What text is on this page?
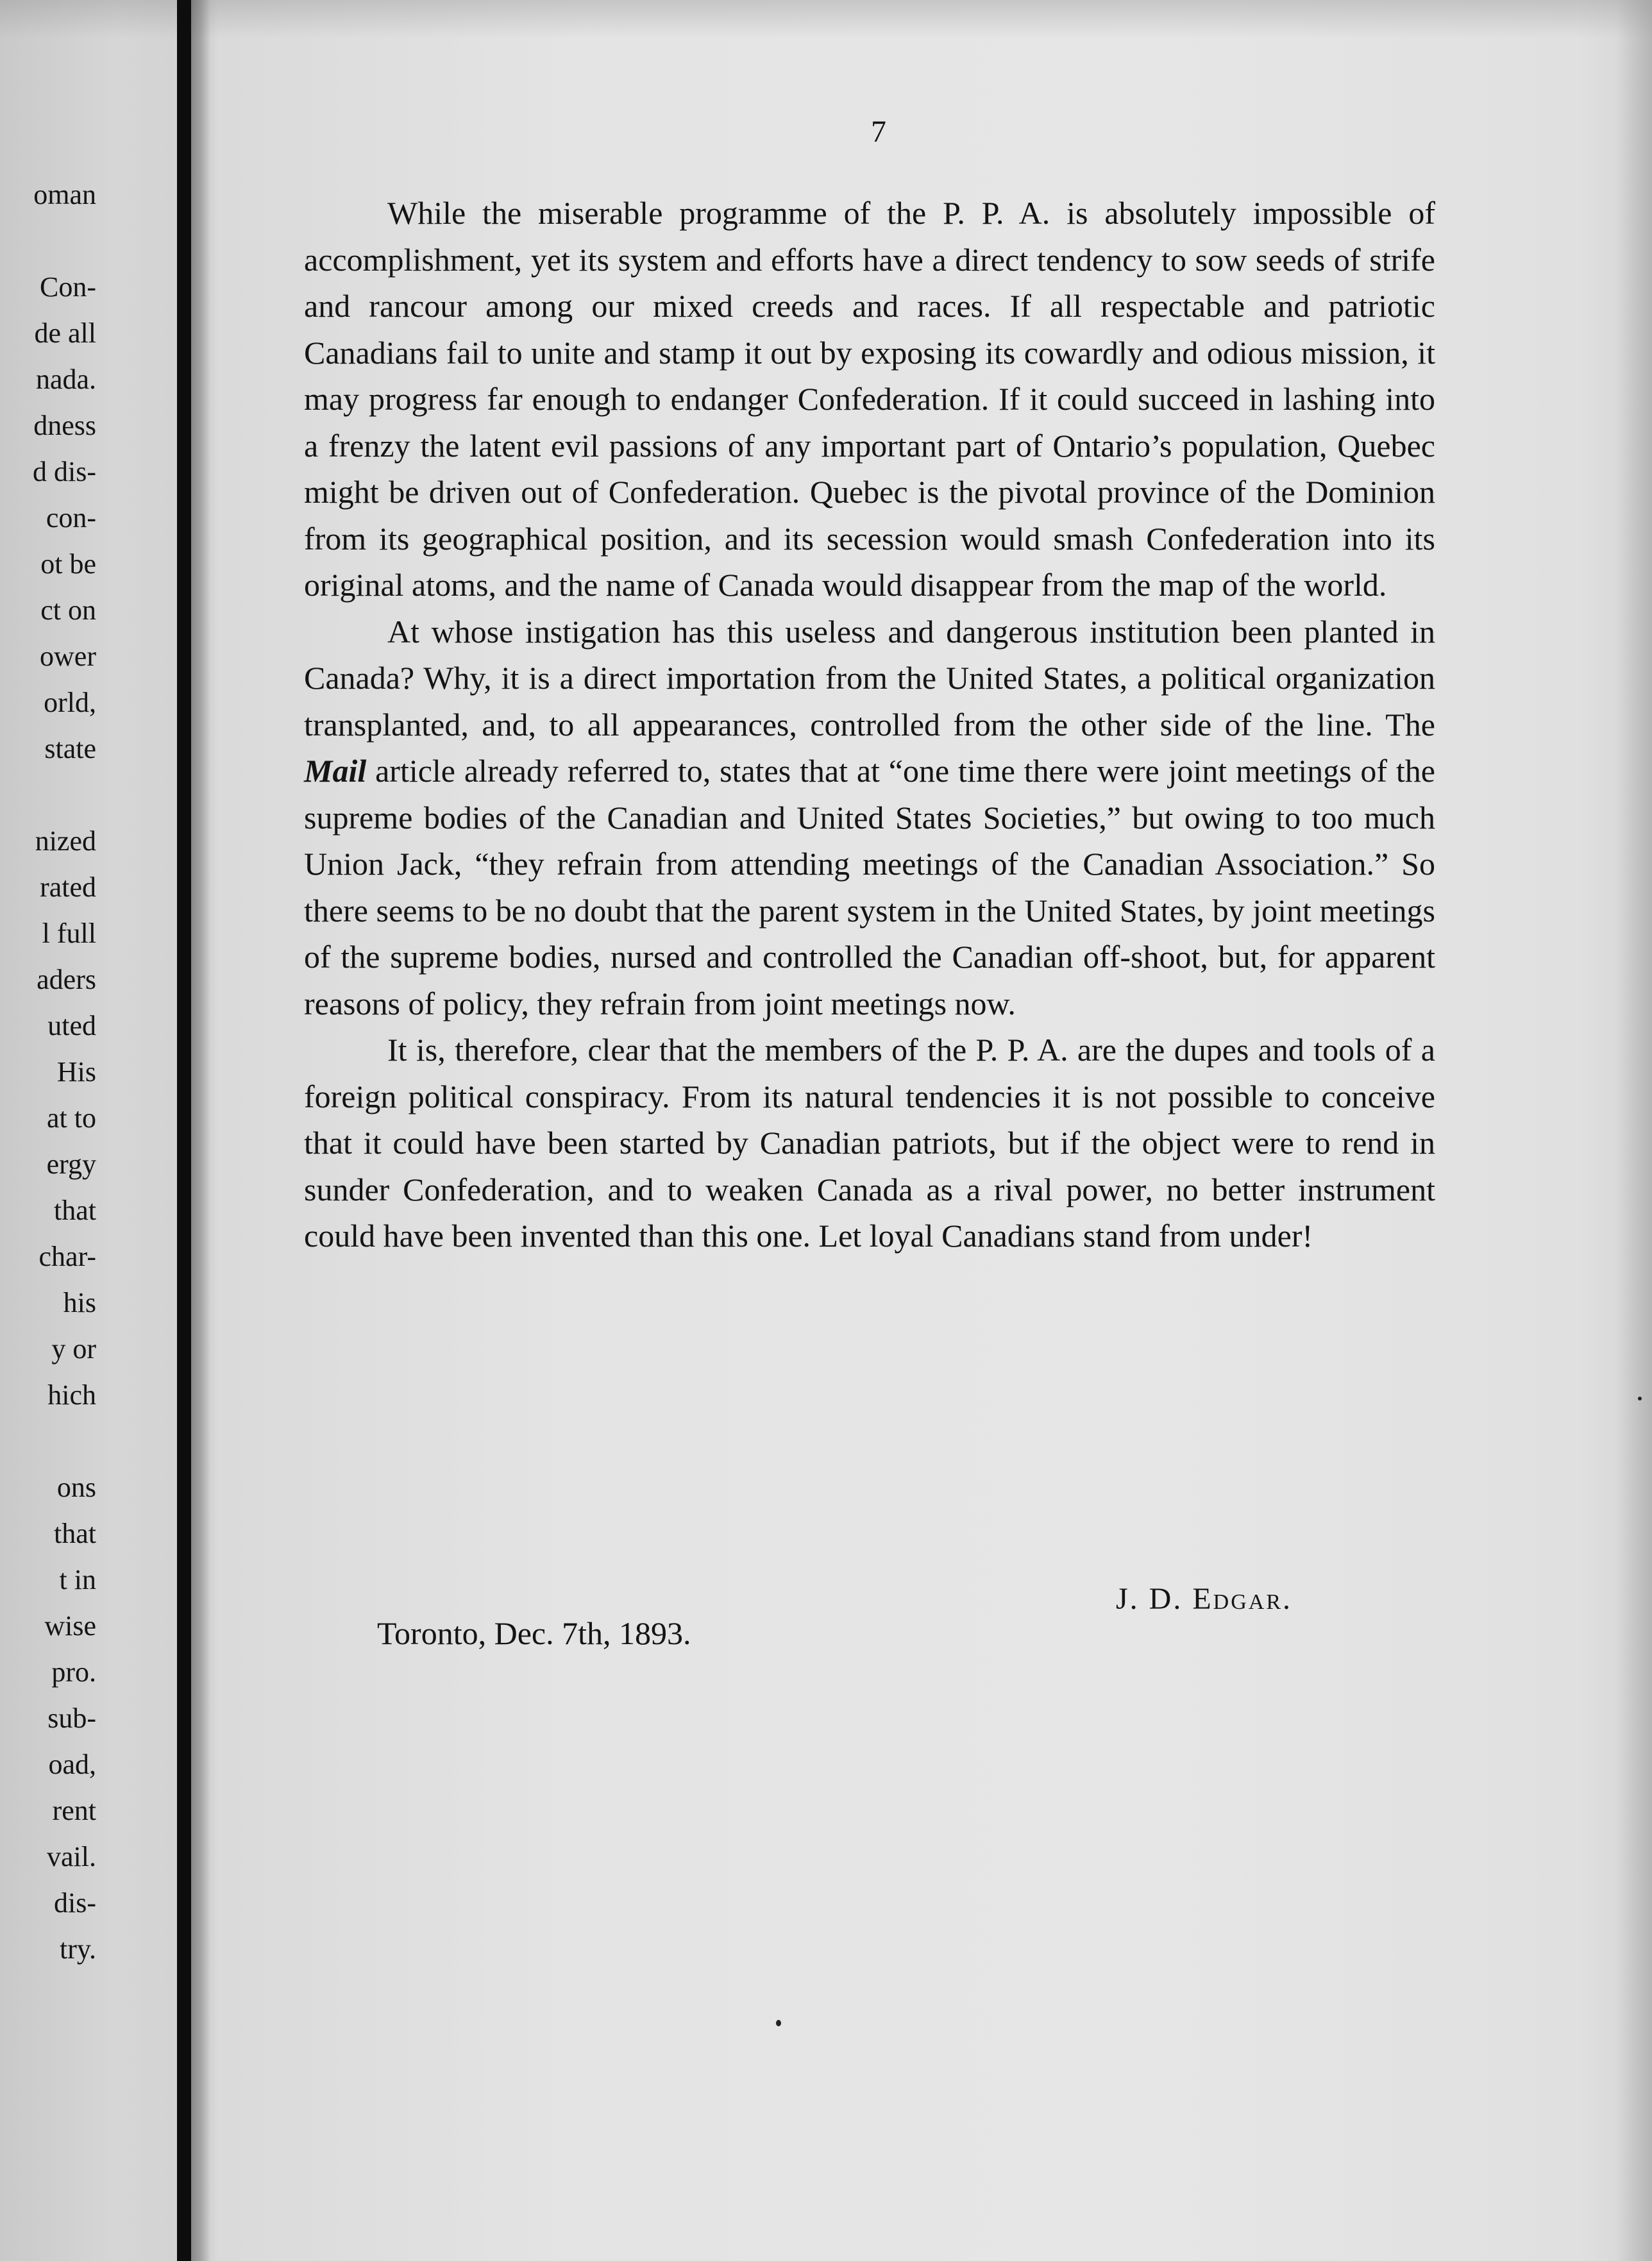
oman
Con-
de all
nada.
dness
d dis-
con-
ot be
ct on
ower
orld,
state
nized
rated
l full
aders
uted
His
at to
ergy
that
char-
his
y or
hich
ons
that
t in
wise
pro.
sub-
oad,
rent
vail.
dis-
try.
7

While the miserable programme of the P. P. A. is absolutely impossible of accomplishment, yet its system and efforts have a direct tendency to sow seeds of strife and rancour among our mixed creeds and races. If all respectable and patriotic Canadians fail to unite and stamp it out by exposing its cowardly and odious mission, it may progress far enough to endanger Confederation. If it could succeed in lashing into a frenzy the latent evil passions of any important part of Ontario’s population, Quebec might be driven out of Confederation. Quebec is the pivotal province of the Dominion from its geographical position, and its secession would smash Confederation into its original atoms, and the name of Canada would disappear from the map of the world.

At whose instigation has this useless and dangerous institution been planted in Canada? Why, it is a direct importation from the United States, a political organization transplanted, and, to all appearances, controlled from the other side of the line. The Mail article already referred to, states that at “one time there were joint meetings of the supreme bodies of the Canadian and United States Societies,” but owing to too much Union Jack, “they refrain from attending meetings of the Canadian Association.” So there seems to be no doubt that the parent system in the United States, by joint meetings of the supreme bodies, nursed and controlled the Canadian off-shoot, but, for apparent reasons of policy, they refrain from joint meetings now.

It is, therefore, clear that the members of the P. P. A. are the dupes and tools of a foreign political conspiracy. From its natural tendencies it is not possible to conceive that it could have been started by Canadian patriots, but if the object were to rend in sunder Confederation, and to weaken Canada as a rival power, no better instrument could have been invented than this one. Let loyal Canadians stand from under!

J. D. Edgar.
Toronto, Dec. 7th, 1893.
